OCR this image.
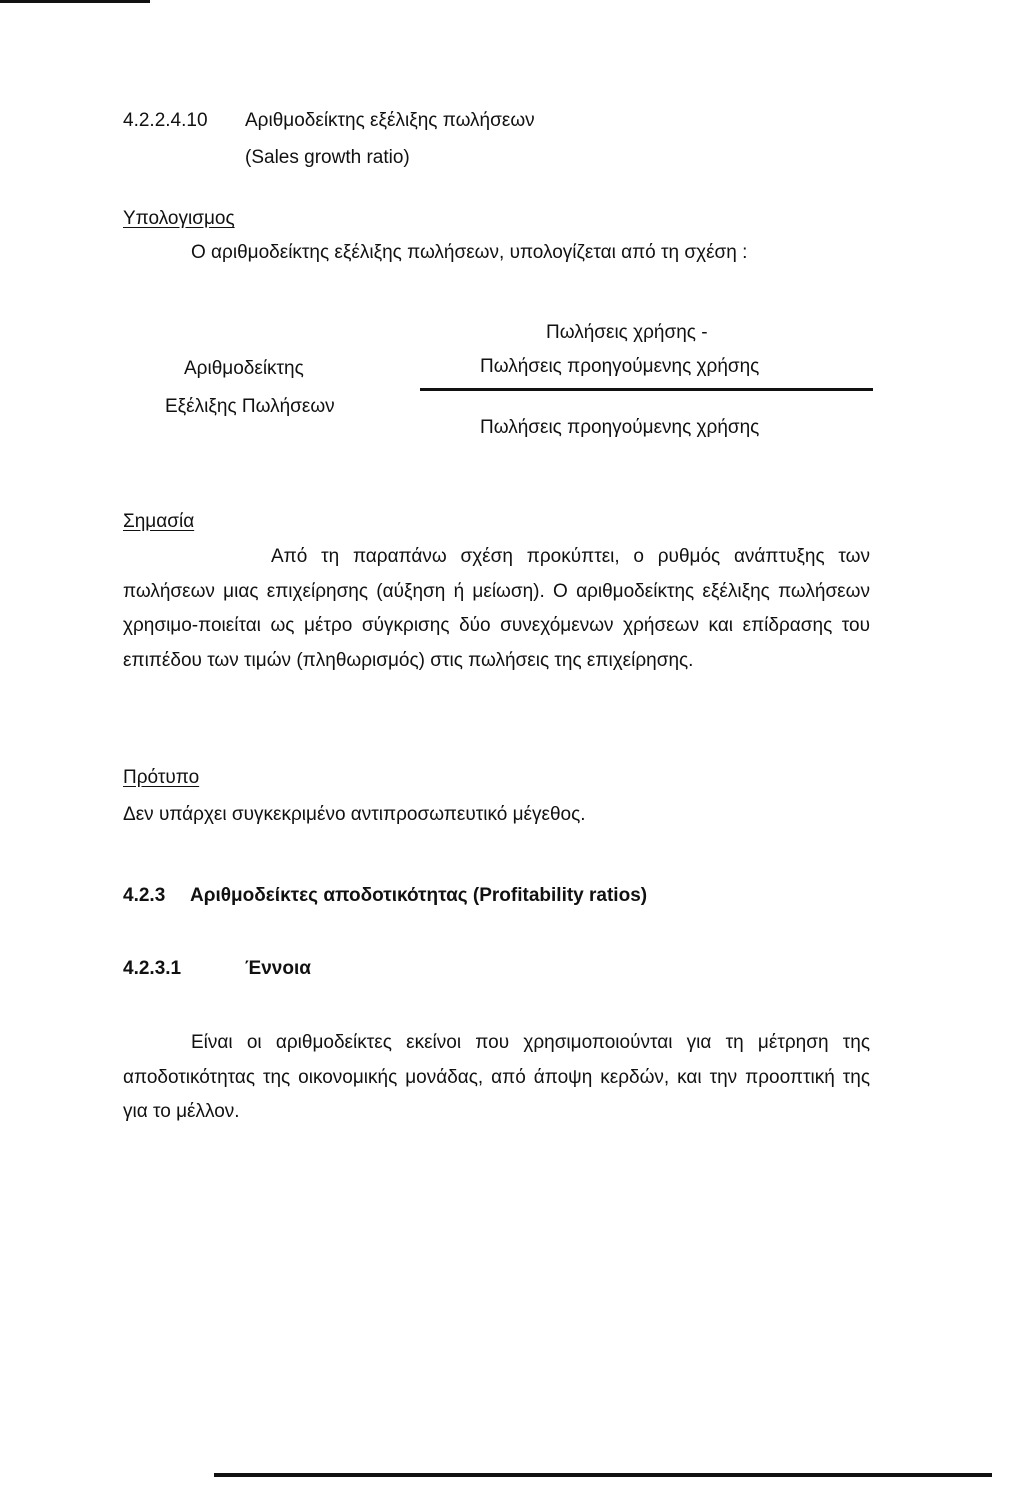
4.2.2.4.10 Αριθμοδείκτης εξέλιξης πωλήσεων
(Sales growth ratio)
Υπολογισμος
Ο αριθμοδείκτης εξέλιξης πωλήσεων, υπολογίζεται από τη σχέση :
Αριθμοδείκτης
Εξέλιξης Πωλήσεων
Πωλήσεις χρήσης -
Πωλήσεις προηγούμενης χρήσης
Πωλήσεις προηγούμενης χρήσης
Σημασία
Από τη παραπάνω σχέση προκύπτει, ο ρυθμός ανάπτυξης των πωλήσεων μιας επιχείρησης (αύξηση ή μείωση). Ο αριθμοδείκτης εξέλιξης πωλήσεων χρησιμο-ποιείται ως μέτρο σύγκρισης δύο συνεχόμενων χρήσεων και επίδρασης του επιπέδου των τιμών (πληθωρισμός) στις πωλήσεις της επιχείρησης.
Πρότυπο
Δεν υπάρχει συγκεκριμένο αντιπροσωπευτικό μέγεθος.
4.2.3 Αριθμοδείκτες αποδοτικότητας (Profitability ratios)
4.2.3.1	Έννοια
Είναι οι αριθμοδείκτες εκείνοι που χρησιμοποιούνται για τη μέτρηση της αποδοτικότητας της οικονομικής μονάδας, από άποψη κερδών, και την προοπτική της για το μέλλον.
